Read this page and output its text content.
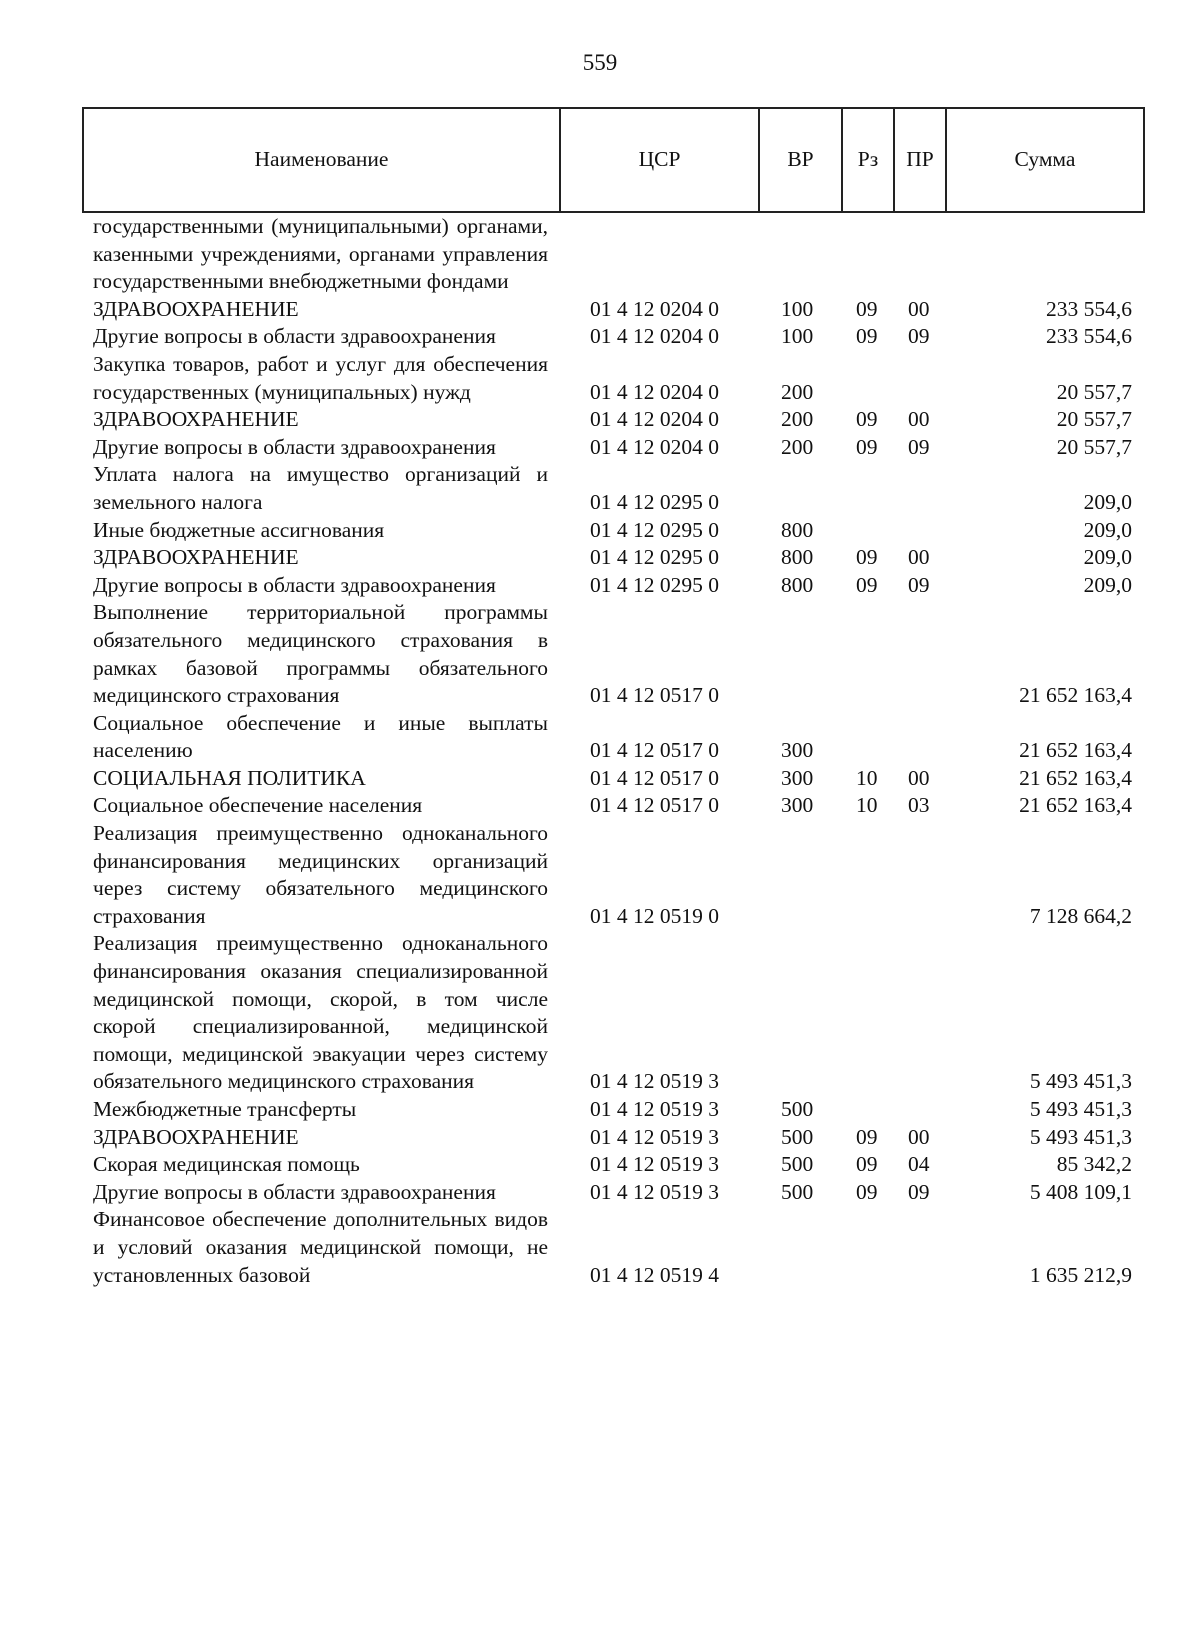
559
Наименование	ЦСР	ВР	Рз	ПР	Сумма
государственными (муниципальными) органами, казенными учреждениями, органами управления государственными внебюджетными фондами					
ЗДРАВООХРАНЕНИЕ	01 4 12 0204 0	100	09	00	233 554,6
Другие вопросы в области здравоохранения	01 4 12 0204 0	100	09	09	233 554,6
Закупка товаров, работ и услуг для обеспечения государственных (муниципальных) нужд	01 4 12 0204 0	200			20 557,7
ЗДРАВООХРАНЕНИЕ	01 4 12 0204 0	200	09	00	20 557,7
Другие вопросы в области здравоохранения	01 4 12 0204 0	200	09	09	20 557,7
Уплата налога на имущество организаций и земельного налога	01 4 12 0295 0				209,0
Иные бюджетные ассигнования	01 4 12 0295 0	800			209,0
ЗДРАВООХРАНЕНИЕ	01 4 12 0295 0	800	09	00	209,0
Другие вопросы в области здравоохранения	01 4 12 0295 0	800	09	09	209,0
Выполнение территориальной программы обязательного медицинского страхования в рамках базовой программы обязательного медицинского страхования	01 4 12 0517 0				21 652 163,4
Социальное обеспечение и иные выплаты населению	01 4 12 0517 0	300			21 652 163,4
СОЦИАЛЬНАЯ ПОЛИТИКА	01 4 12 0517 0	300	10	00	21 652 163,4
Социальное обеспечение населения	01 4 12 0517 0	300	10	03	21 652 163,4
Реализация преимущественно одноканального финансирования медицинских организаций через систему обязательного медицинского страхования	01 4 12 0519 0				7 128 664,2
Реализация преимущественно одноканального финансирования оказания специализированной медицинской помощи, скорой, в том числе скорой специализированной, медицинской помощи, медицинской эвакуации через систему обязательного медицинского страхования	01 4 12 0519 3				5 493 451,3
Межбюджетные трансферты	01 4 12 0519 3	500			5 493 451,3
ЗДРАВООХРАНЕНИЕ	01 4 12 0519 3	500	09	00	5 493 451,3
Скорая медицинская помощь	01 4 12 0519 3	500	09	04	85 342,2
Другие вопросы в области здравоохранения	01 4 12 0519 3	500	09	09	5 408 109,1
Финансовое обеспечение дополнительных видов и условий оказания медицинской помощи, не установленных базовой	01 4 12 0519 4				1 635 212,9
